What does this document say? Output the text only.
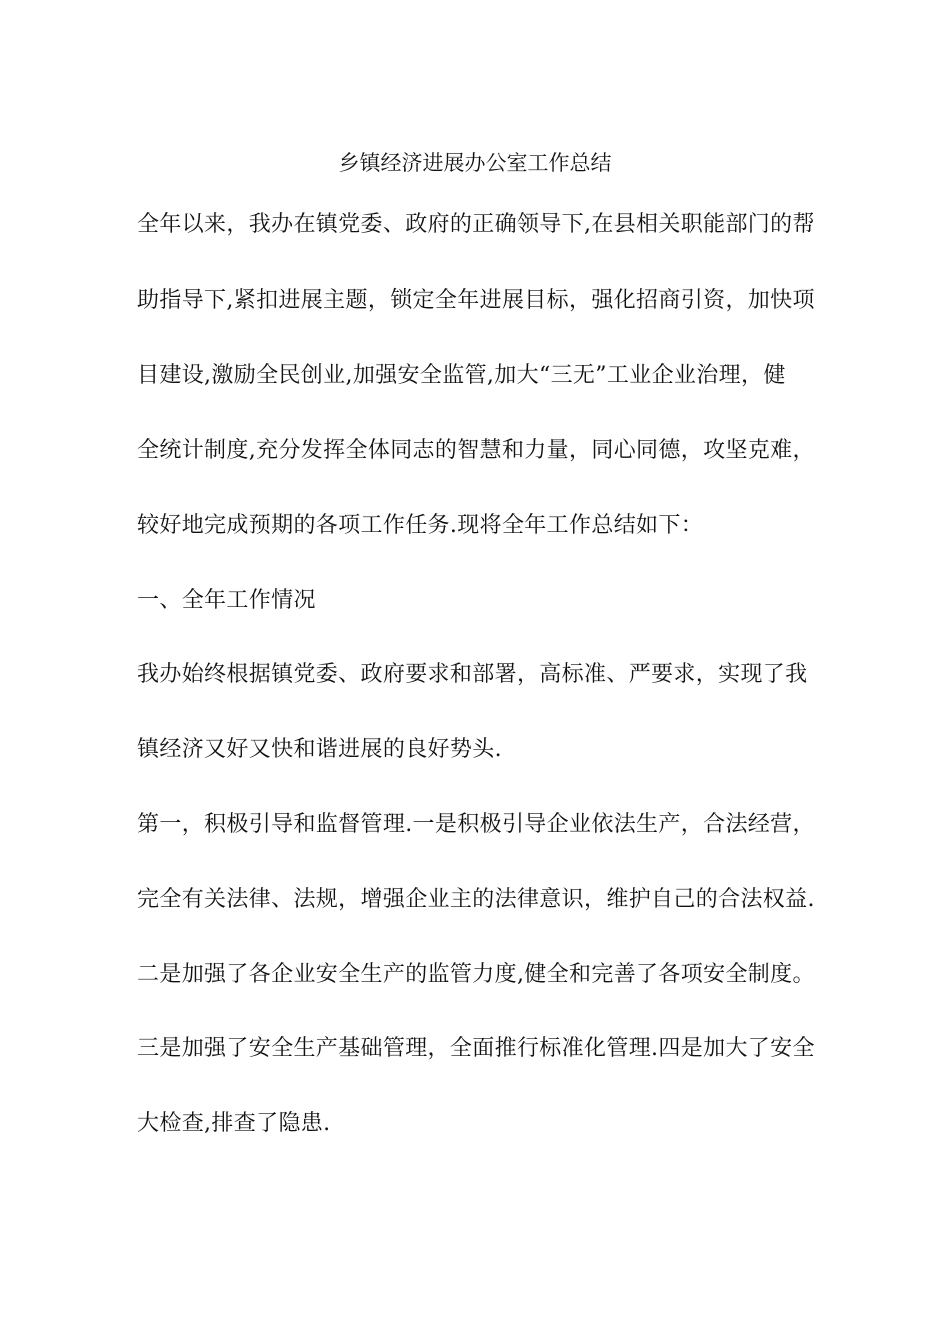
乡镇经济进展办公室工作总结
全年以来，我办在镇党委、政府的正确领导下,在县相关职能部门的帮
助指导下,紧扣进展主题，锁定全年进展目标，强化招商引资，加快项
目建设,激励全民创业,加强安全监管,加大“三无”工业企业治理，健
全统计制度,充分发挥全体同志的智慧和力量，同心同德，攻坚克难，
较好地完成预期的各项工作任务.现将全年工作总结如下：
一、全年工作情况
我办始终根据镇党委、政府要求和部署，高标准、严要求，实现了我
镇经济又好又快和谐进展的良好势头.
第一，积极引导和监督管理.一是积极引导企业依法生产，合法经营，
完全有关法律、法规，增强企业主的法律意识，维护自己的合法权益.
二是加强了各企业安全生产的监管力度,健全和完善了各项安全制度。
三是加强了安全生产基础管理，全面推行标准化管理.四是加大了安全
大检查,排查了隐患.
